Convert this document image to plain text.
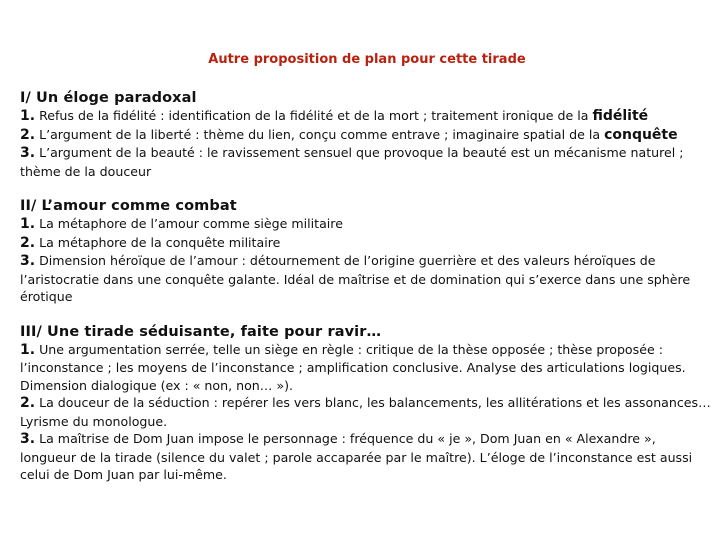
Autre proposition de plan pour cette tirade
I/ Un éloge paradoxal
1. Refus de la fidélité : identification de la fidélité et de la mort ; traitement ironique de la fidélité
2. L’argument de la liberté : thème du lien, conçu comme entrave ; imaginaire spatial de la conquête
3. L’argument de la beauté : le ravissement sensuel que provoque la beauté est un mécanisme naturel ; thème de la douceur
II/ L’amour comme combat
1. La métaphore de l’amour comme siège militaire
2. La métaphore de la conquête militaire
3. Dimension héroïque de l’amour : détournement de l’origine guerrière et des valeurs héroïques de l’aristocratie dans une conquête galante. Idéal de maîtrise et de domination qui s’exerce dans une sphère érotique
III/ Une tirade séduisante, faite pour ravir…
1. Une argumentation serrée, telle un siège en règle : critique de la thèse opposée ; thèse proposée : l’inconstance ; les moyens de l’inconstance ; amplification conclusive. Analyse des articulations logiques. Dimension dialogique (ex : « non, non… »).
2. La douceur de la séduction : repérer les vers blanc, les balancements, les allitérations et les assonances… Lyrisme du monologue.
3. La maîtrise de Dom Juan impose le personnage : fréquence du « je », Dom Juan en « Alexandre », longueur de la tirade (silence du valet ; parole accaparée par le maître). L’éloge de l’inconstance est aussi celui de Dom Juan par lui-même.
